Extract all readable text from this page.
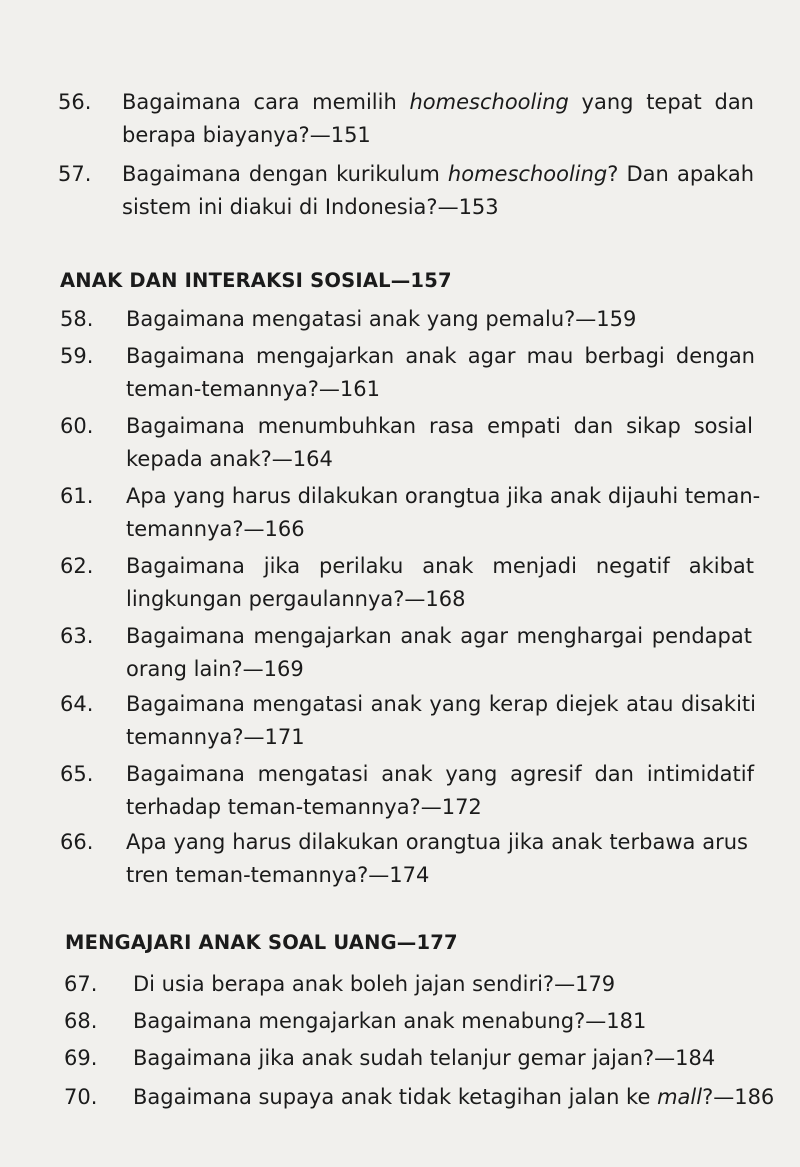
56. Bagaimana cara memilih homeschooling yang tepat dan
berapa biayanya?—151
57. Bagaimana dengan kurikulum homeschooling? Dan apakah
sistem ini diakui di Indonesia?—153
ANAK DAN INTERAKSI SOSIAL—157
58. Bagaimana mengatasi anak yang pemalu?—159
59. Bagaimana mengajarkan anak agar mau berbagi dengan
teman-temannya?—161
60. Bagaimana menumbuhkan rasa empati dan sikap sosial
kepada anak?—164
61. Apa yang harus dilakukan orangtua jika anak dijauhi teman-
temannya?—166
62. Bagaimana jika perilaku anak menjadi negatif akibat
lingkungan pergaulannya?—168
63. Bagaimana mengajarkan anak agar menghargai pendapat
orang lain?—169
64. Bagaimana mengatasi anak yang kerap diejek atau disakiti
temannya?—171
65. Bagaimana mengatasi anak yang agresif dan intimidatif
terhadap teman-temannya?—172
66. Apa yang harus dilakukan orangtua jika anak terbawa arus
tren teman-temannya?—174
MENGAJARI ANAK SOAL UANG—177
67. Di usia berapa anak boleh jajan sendiri?—179
68. Bagaimana mengajarkan anak menabung?—181
69. Bagaimana jika anak sudah telanjur gemar jajan?—184
70. Bagaimana supaya anak tidak ketagihan jalan ke mall?—186
